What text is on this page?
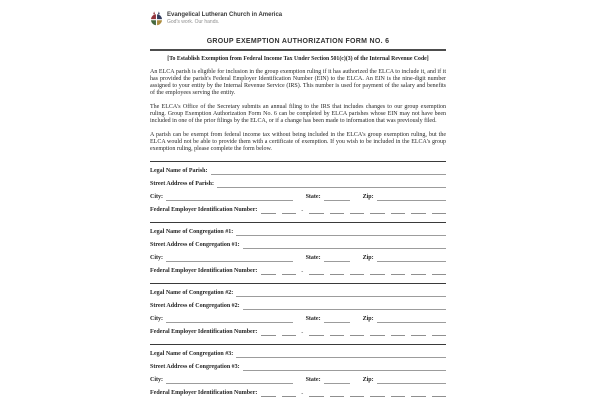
Evangelical Lutheran Church in America
God's work. Our hands.
GROUP EXEMPTION AUTHORIZATION FORM NO. 6
[To Establish Exemption from Federal Income Tax Under Section 501(c)(3) of the Internal Revenue Code]
An ELCA parish is eligible for inclusion in the group exemption ruling if it has authorized the ELCA to include it, and if it has provided the parish's Federal Employer Identification Number (EIN) to the ELCA. An EIN is the nine-digit number assigned to your entity by the Internal Revenue Service (IRS). This number is used for payment of the salary and benefits of the employees serving the entity.
The ELCA's Office of the Secretary submits an annual filing to the IRS that includes changes to our group exemption ruling. Group Exemption Authorization Form No. 6 can be completed by ELCA parishes whose EIN may not have been included in one of the prior filings by the ELCA, or if a change has been made to information that was previously filed.
A parish can be exempt from federal income tax without being included in the ELCA's group exemption ruling, but the ELCA would not be able to provide them with a certificate of exemption. If you wish to be included in the ELCA's group exemption ruling, please complete the form below.
Legal Name of Parish:
Street Address of Parish:
City:	State:	Zip:
Federal Employer Identification Number:	-
Legal Name of Congregation #1:
Street Address of Congregation #1:
City:	State:	Zip:
Federal Employer Identification Number:	-
Legal Name of Congregation #2:
Street Address of Congregation #2:
City:	State:	Zip:
Federal Employer Identification Number:	-
Legal Name of Congregation #3:
Street Address of Congregation #3:
City:	State:	Zip:
Federal Employer Identification Number:	-
